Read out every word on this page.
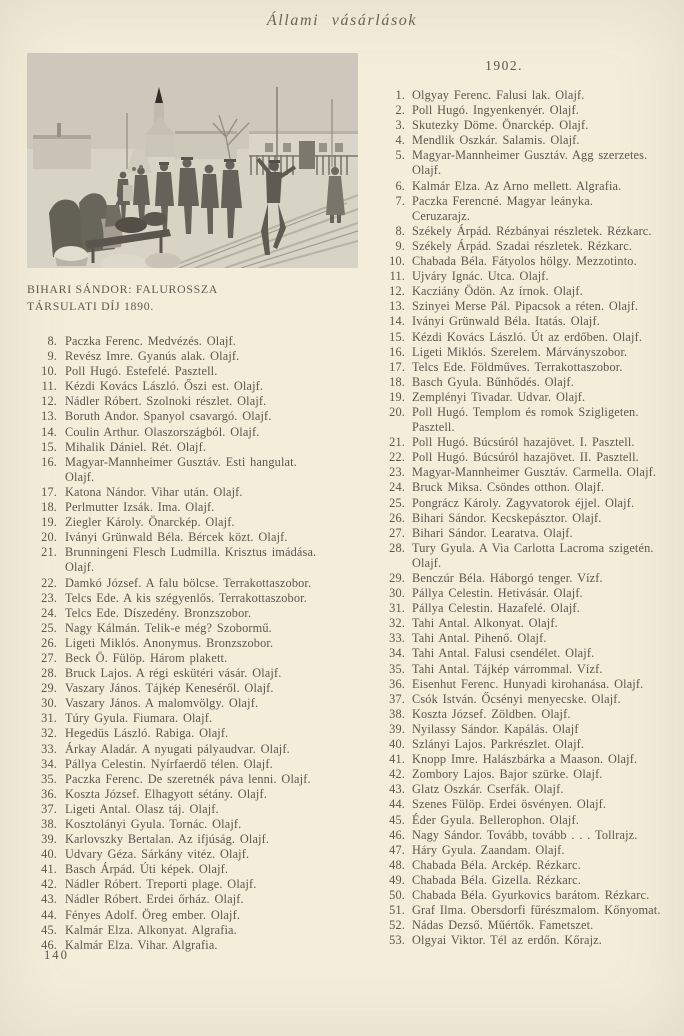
Állami vásárlások
BIHARI SÁNDOR: FALUROSSZA
TÁRSULATI DÍJ 1890.
8. Paczka Ferenc. Medvézés. Olajf.
9. Revész Imre. Gyanús alak. Olajf.
10. Poll Hugó. Estefelé. Pasztell.
11. Kézdi Kovács László. Őszi est. Olajf.
12. Nádler Róbert. Szolnoki részlet. Olajf.
13. Boruth Andor. Spanyol csavargó. Olajf.
14. Coulin Arthur. Olaszországból. Olajf.
15. Mihalik Dániel. Rét. Olajf.
16. Magyar-Mannheimer Gusztáv. Esti hangulat.
Olajf.
17. Katona Nándor. Vihar után. Olajf.
18. Perlmutter Izsák. Ima. Olajf.
19. Ziegler Károly. Önarckép. Olajf.
20. Iványi Grünwald Béla. Bércek közt. Olajf.
21. Brunningeni Flesch Ludmilla. Krisztus imádása.
Olajf.
22. Damkó József. A falu bölcse. Terrakottaszobor.
23. Telcs Ede. A kis szégyenlős. Terrakottaszobor.
24. Telcs Ede. Díszedény. Bronzszobor.
25. Nagy Kálmán. Telik-e még? Szobormű.
26. Ligeti Miklós. Anonymus. Bronzszobor.
27. Beck Ö. Fülöp. Három plakett.
28. Bruck Lajos. A régi eskütéri vásár. Olajf.
29. Vaszary János. Tájkép Keneséről. Olajf.
30. Vaszary János. A malomvölgy. Olajf.
31. Túry Gyula. Fiumara. Olajf.
32. Hegedüs László. Rabiga. Olajf.
33. Árkay Aladár. A nyugati pályaudvar. Olajf.
34. Pállya Celestin. Nyírfaerdő télen. Olajf.
35. Paczka Ferenc. De szeretnék páva lenni. Olajf.
36. Koszta József. Elhagyott sétány. Olajf.
37. Ligeti Antal. Olasz táj. Olajf.
38. Kosztolányi Gyula. Tornác. Olajf.
39. Karlovszky Bertalan. Az ifjúság. Olajf.
40. Udvary Géza. Sárkány vitéz. Olajf.
41. Basch Árpád. Úti képek. Olajf.
42. Nádler Róbert. Treporti plage. Olajf.
43. Nádler Róbert. Erdei őrház. Olajf.
44. Fényes Adolf. Öreg ember. Olajf.
45. Kalmár Elza. Alkonyat. Algrafia.
46. Kalmár Elza. Vihar. Algrafia.
1902.
1. Olgyay Ferenc. Falusi lak. Olajf.
2. Poll Hugó. Ingyenkenyér. Olajf.
3. Skutezky Döme. Önarckép. Olajf.
4. Mendlik Oszkár. Salamis. Olajf.
5. Magyar-Mannheimer Gusztáv. Agg szerzetes.
Olajf.
6. Kalmár Elza. Az Arno mellett. Algrafia.
7. Paczka Ferencné. Magyar leányka.
Ceruzarajz.
8. Székely Árpád. Rézbányai részletek. Rézkarc.
9. Székely Árpád. Szadai részletek. Rézkarc.
10. Chabada Béla. Fátyolos hölgy. Mezzotinto.
11. Ujváry Ignác. Utca. Olajf.
12. Kacziány Ödön. Az írnok. Olajf.
13. Szinyei Merse Pál. Pipacsok a réten. Olajf.
14. Iványi Grünwald Béla. Itatás. Olajf.
15. Kézdi Kovács László. Út az erdőben. Olajf.
16. Ligeti Miklós. Szerelem. Márványszobor.
17. Telcs Ede. Földműves. Terrakottaszobor.
18. Basch Gyula. Bűnhődés. Olajf.
19. Zemplényi Tivadar. Udvar. Olajf.
20. Poll Hugó. Templom és romok Szigligeten.
Pasztell.
21. Poll Hugó. Búcsúról hazajövet. I. Pasztell.
22. Poll Hugó. Búcsúról hazajövet. II. Pasztell.
23. Magyar-Mannheimer Gusztáv. Carmella. Olajf.
24. Bruck Miksa. Csöndes otthon. Olajf.
25. Pongrácz Károly. Zagyvatorok éjjel. Olajf.
26. Bihari Sándor. Kecskepásztor. Olajf.
27. Bihari Sándor. Learatva. Olajf.
28. Tury Gyula. A Via Carlotta Lacroma szigetén.
Olajf.
29. Benczúr Béla. Háborgó tenger. Vízf.
30. Pállya Celestin. Hetivásár. Olajf.
31. Pállya Celestin. Hazafelé. Olajf.
32. Tahi Antal. Alkonyat. Olajf.
33. Tahi Antal. Pihenő. Olajf.
34. Tahi Antal. Falusi csendélet. Olajf.
35. Tahi Antal. Tájkép várrommal. Vízf.
36. Eisenhut Ferenc. Hunyadi kirohanása. Olajf.
37. Csók István. Őcsényi menyecske. Olajf.
38. Koszta József. Zöldben. Olajf.
39. Nyilassy Sándor. Kapálás. Olajf
40. Szlányi Lajos. Parkrészlet. Olajf.
41. Knopp Imre. Halászbárka a Maason. Olajf.
42. Zombory Lajos. Bajor szürke. Olajf.
43. Glatz Oszkár. Cserfák. Olajf.
44. Szenes Fülöp. Erdei ösvényen. Olajf.
45. Éder Gyula. Bellerophon. Olajf.
46. Nagy Sándor. Tovább, tovább . . . Tollrajz.
47. Háry Gyula. Zaandam. Olajf.
48. Chabada Béla. Arckép. Rézkarc.
49. Chabada Béla. Gizella. Rézkarc.
50. Chabada Béla. Gyurkovics barátom. Rézkarc.
51. Graf Ilma. Obersdorfi fűrészmalom. Kőnyomat.
52. Nádas Dezső. Műértők. Fametszet.
53. Olgyai Viktor. Tél az erdőn. Kőrajz.
140
